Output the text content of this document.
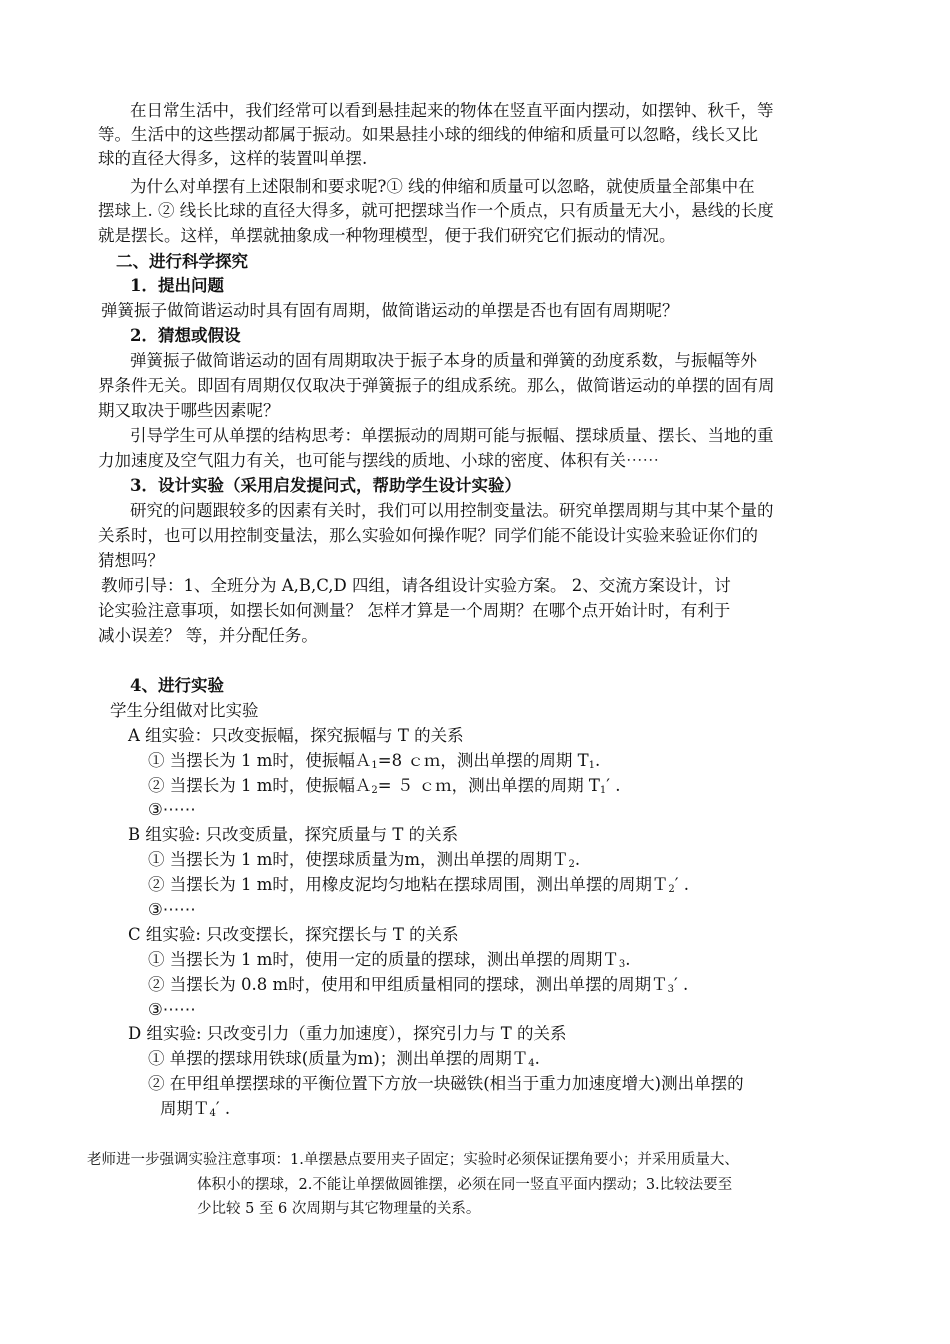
在日常生活中，我们经常可以看到悬挂起来的物体在竖直平面内摆动，如摆钟、秋千，等
等。生活中的这些摆动都属于振动。如果悬挂小球的细线的伸缩和质量可以忽略，线长又比
球的直径大得多，这样的装置叫单摆.
为什么对单摆有上述限制和要求呢?① 线的伸缩和质量可以忽略，就使质量全部集中在
摆球上. ② 线长比球的直径大得多，就可把摆球当作一个质点，只有质量无大小，悬线的长度
就是摆长。这样，单摆就抽象成一种物理模型，便于我们研究它们振动的情况。
二、进行科学探究
1．提出问题
弹簧振子做简谐运动时具有固有周期，做简谐运动的单摆是否也有固有周期呢？
2．猜想或假设
弹簧振子做简谐运动的固有周期取决于振子本身的质量和弹簧的劲度系数，与振幅等外
界条件无关。即固有周期仅仅取决于弹簧振子的组成系统。那么，做简谐运动的单摆的固有周
期又取决于哪些因素呢？
引导学生可从单摆的结构思考：单摆振动的周期可能与振幅、摆球质量、摆长、当地的重
力加速度及空气阻力有关，也可能与摆线的质地、小球的密度、体积有关⋯⋯
3．设计实验（采用启发提问式，帮助学生设计实验）
研究的问题跟较多的因素有关时，我们可以用控制变量法。研究单摆周期与其中某个量的
关系时，也可以用控制变量法，那么实验如何操作呢？同学们能不能设计实验来验证你们的
猜想吗？
教师引导：1、全班分为 A,B,C,D 四组，请各组设计实验方案。 2、交流方案设计，讨
论实验注意事项，如摆长如何测量？ 怎样才算是一个周期？在哪个点开始计时，有利于
减小误差？ 等，并分配任务。
4、进行实验
学生分组做对比实验
A 组实验：只改变振幅，探究振幅与 T 的关系
① 当摆长为 1 m时，使振幅Ａ$_1$=8 ｃｍ，测出单摆的周期 $T_1$.
② 当摆长为 1 m时，使振幅Ａ$_2$= ５ ｃｍ，测出单摆的周期 $T_1'$ .
③⋯⋯
B 组实验: 只改变质量，探究质量与 T 的关系
① 当摆长为 1 m时，使摆球质量为m，测出单摆的周期Ｔ$_2$.
② 当摆长为 1 m时，用橡皮泥均匀地粘在摆球周围，测出单摆的周期Ｔ$_2$′ .
③⋯⋯
C 组实验: 只改变摆长，探究摆长与 T 的关系
① 当摆长为 1 m时，使用一定的质量的摆球，测出单摆的周期Ｔ$_3$.
② 当摆长为 0.8 m时，使用和甲组质量相同的摆球，测出单摆的周期Ｔ$_3$′ .
③⋯⋯
D 组实验: 只改变引力（重力加速度），探究引力与 T 的关系
① 单摆的摆球用铁球(质量为m)；测出单摆的周期Ｔ$_4$.
② 在甲组单摆摆球的平衡位置下方放一块磁铁(相当于重力加速度增大)测出单摆的
周期Ｔ$_4$′ .
老师进一步强调实验注意事项：1.单摆悬点要用夹子固定；实验时必须保证摆角要小；并采用质量大、
体积小的摆球，2.不能让单摆做圆锥摆，必须在同一竖直平面内摆动；3.比较法要至
少比较 5 至 6 次周期与其它物理量的关系。
